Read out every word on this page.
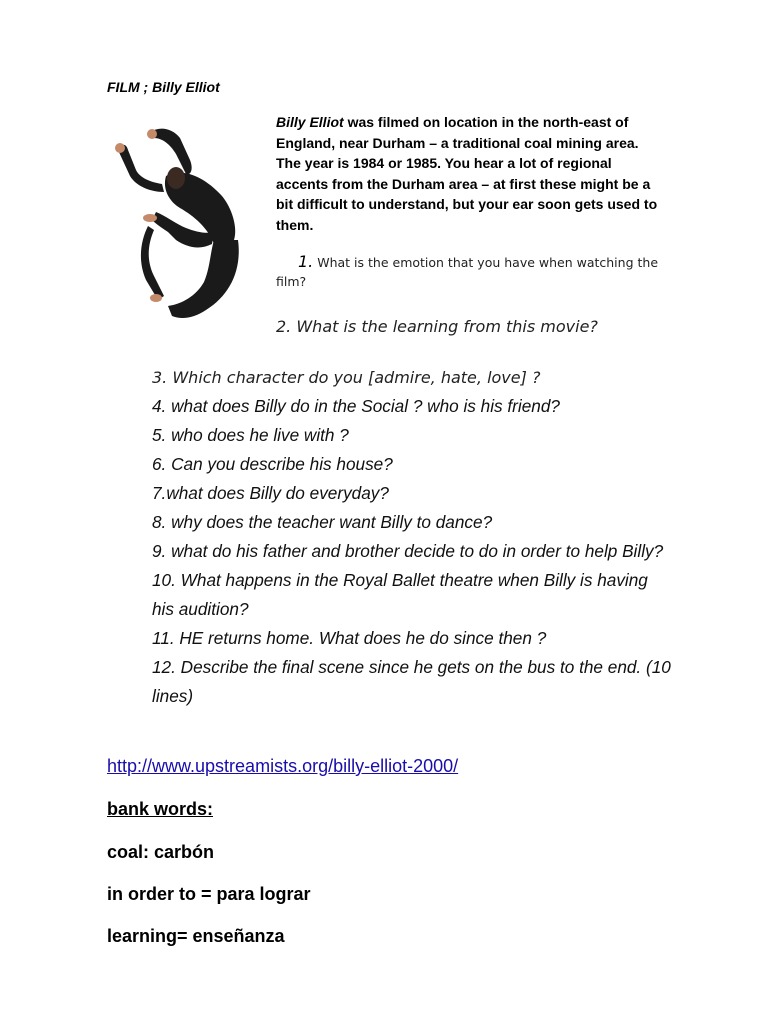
FILM ; Billy Elliot
Billy Elliot was filmed on location in the north-east of England, near Durham – a traditional coal mining area. The year is 1984 or 1985. You hear a lot of regional accents from the Durham area – at first these might be a bit difficult to understand, but your ear soon gets used to them.
1. What is the emotion that you have when watching the film?
2. What is the learning from this movie?
3. Which character do you [admire, hate, love] ?
4. what does Billy do in the Social ? who is his friend?
5. who does he live with ?
6. Can you describe his house?
7.what does Billy do everyday?
8. why does the teacher want Billy to dance?
9. what do his father and brother decide to do in order to help Billy?
10. What happens in the Royal Ballet theatre when Billy is having his audition?
11. HE returns home. What does he do since then ?
12. Describe the final scene since he gets on the bus to the end. (10 lines)
http://www.upstreamists.org/billy-elliot-2000/
bank words:
coal: carbón
in order to = para lograr
learning= enseñanza
